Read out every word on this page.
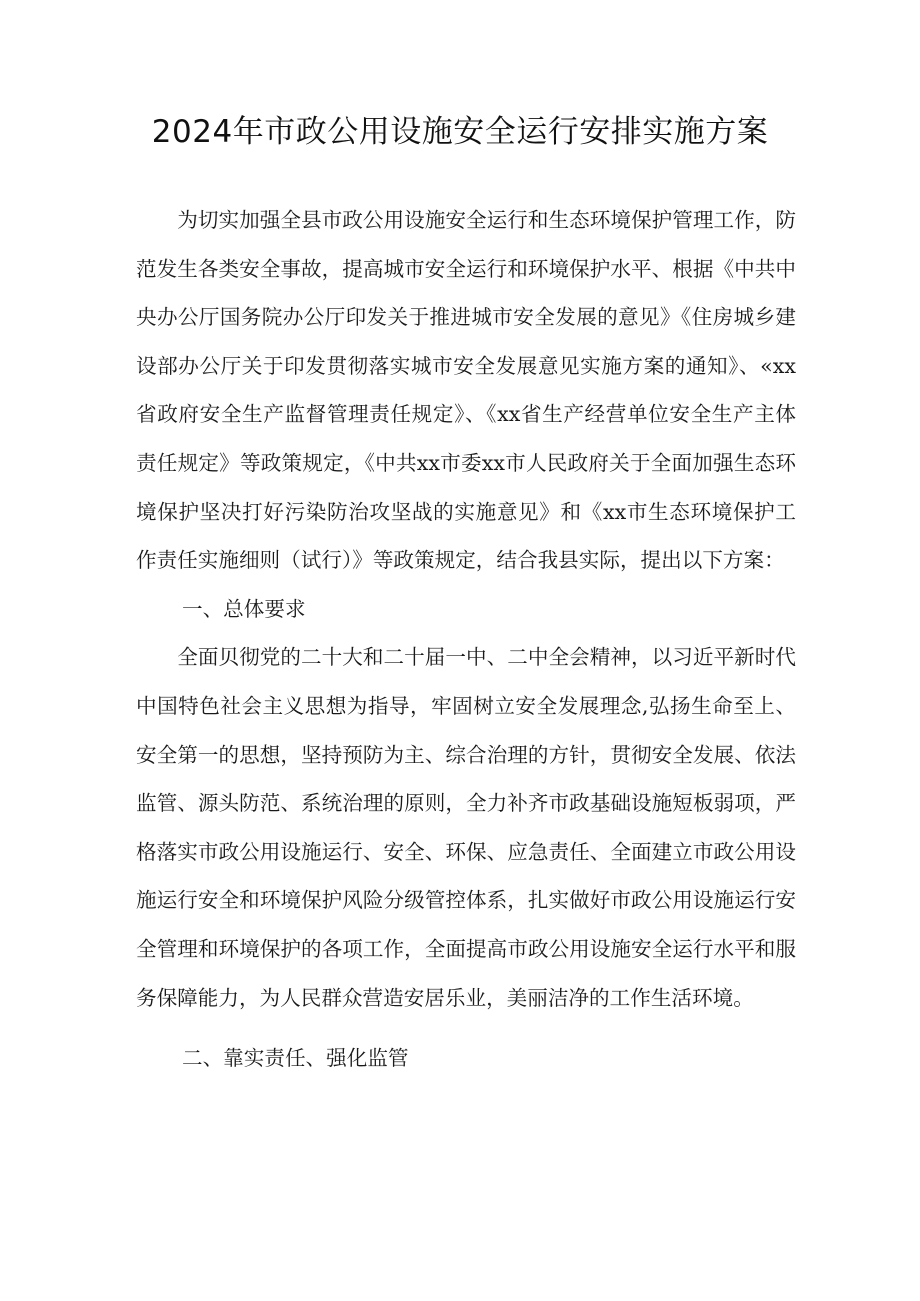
2024年市政公用设施安全运行安排实施方案

为切实加强全县市政公用设施安全运行和生态环境保护管理工作，防范发生各类安全事故，提高城市安全运行和环境保护水平、根据《中共中央办公厅国务院办公厅印发关于推进城市安全发展的意见》《住房城乡建设部办公厅关于印发贯彻落实城市安全发展意见实施方案的通知》、«xx省政府安全生产监督管理责任规定》、《xx省生产经营单位安全生产主体责任规定》等政策规定，《中共xx市委xx市人民政府关于全面加强生态环境保护坚决打好污染防治攻坚战的实施意见》和《xx市生态环境保护工作责任实施细则（试行）》等政策规定，结合我县实际，提出以下方案：

一、总体要求

全面贝彻党的二十大和二十届一中、二中全会精神，以习近平新时代中国特色社会主义思想为指导，牢固树立安全发展理念,弘扬生命至上、安全第一的思想，坚持预防为主、综合治理的方针，贯彻安全发展、依法监管、源头防范、系统治理的原则，全力补齐市政基础设施短板弱项，严格落实市政公用设施运行、安全、环保、应急责任、全面建立市政公用设施运行安全和环境保护风险分级管控体系，扎实做好市政公用设施运行安全管理和环境保护的各项工作，全面提高市政公用设施安全运行水平和服务保障能力，为人民群众营造安居乐业，美丽洁净的工作生活环境。

二、靠实责任、强化监管
